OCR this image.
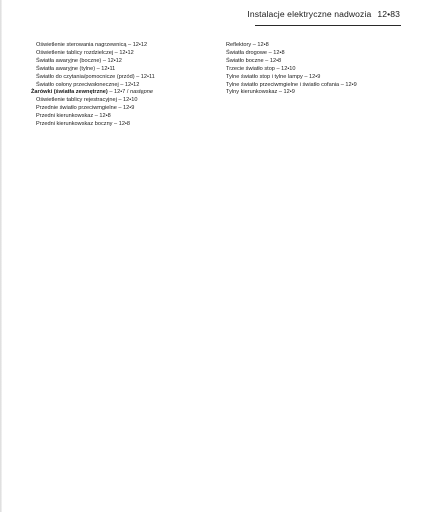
Instalacje elektryczne nadwozia 12•83
Oświetlenie sterowania nagrzewnicą – 12•12
Oświetlenie tablicy rozdzielczej – 12•12
Światła awaryjne (boczne) – 12•12
Światła awaryjne (tylne) – 12•11
Światło do czytania/pomocnicze (przód) – 12•11
Światło osłony przeciwsłonecznej – 12•12
Żarówki (światła zewnętrzne) – 12•7 / następne
Oświetlenie tablicy rejestracyjnej – 12•10
Przednie światło przeciwmgielne – 12•9
Przedni kierunkowskaz – 12•8
Przedni kierunkowskaz boczny – 12•8
Reflektory – 12•8
Światła drogowe – 12•8
Światło boczne – 12•8
Trzecie światło stop – 12•10
Tylne światło stop i tylne lampy – 12•9
Tylne światło przeciwmgielne i światło cofania – 12•9
Tylny kierunkowskaz – 12•9
